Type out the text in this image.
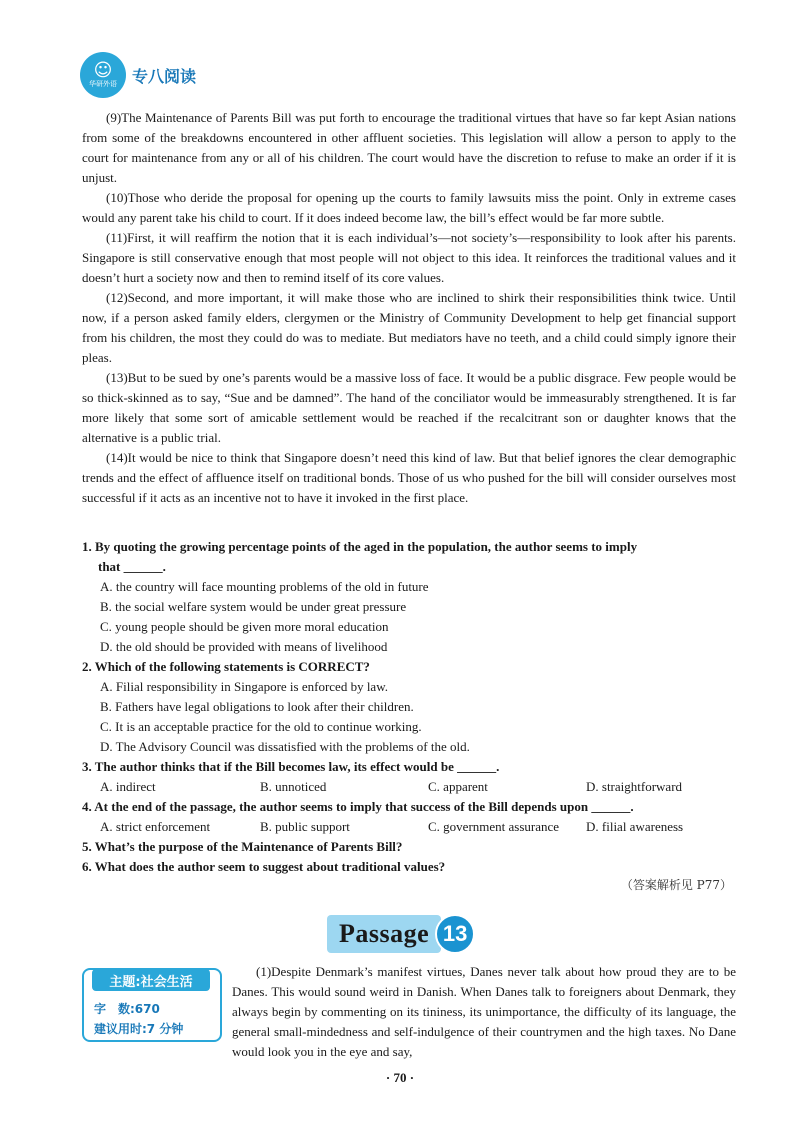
☺
华研外语 专八阅读

(9)The Maintenance of Parents Bill was put forth to encourage the traditional virtues that have so far kept Asian nations from some of the breakdowns encountered in other affluent societies. This legislation will allow a person to apply to the court for maintenance from any or all of his children. The court would have the discretion to refuse to make an order if it is unjust.

(10)Those who deride the proposal for opening up the courts to family lawsuits miss the point. Only in extreme cases would any parent take his child to court. If it does indeed become law, the bill’s effect would be far more subtle.

(11)First, it will reaffirm the notion that it is each individual’s—not society’s—responsibility to look after his parents. Singapore is still conservative enough that most people will not object to this idea. It reinforces the traditional values and it doesn’t hurt a society now and then to remind itself of its core values.

(12)Second, and more important, it will make those who are inclined to shirk their responsibilities think twice. Until now, if a person asked family elders, clergymen or the Ministry of Community Development to help get financial support from his children, the most they could do was to mediate. But mediators have no teeth, and a child could simply ignore their pleas.

(13)But to be sued by one’s parents would be a massive loss of face. It would be a public disgrace. Few people would be so thick-skinned as to say, “Sue and be damned”. The hand of the conciliator would be immeasurably strengthened. It is far more likely that some sort of amicable settlement would be reached if the recalcitrant son or daughter knows that the alternative is a public trial.

(14)It would be nice to think that Singapore doesn’t need this kind of law. But that belief ignores the clear demographic trends and the effect of affluence itself on traditional bonds. Those of us who pushed for the bill will consider ourselves most successful if it acts as an incentive not to have it invoked in the first place.

1. By quoting the growing percentage points of the aged in the population, the author seems to imply
that ______.

A. the country will face mounting problems of the old in future

B. the social welfare system would be under great pressure

C. young people should be given more moral education

D. the old should be provided with means of livelihood

2. Which of the following statements is CORRECT?

A. Filial responsibility in Singapore is enforced by law.

B. Fathers have legal obligations to look after their children.

C. It is an acceptable practice for the old to continue working.

D. The Advisory Council was dissatisfied with the problems of the old.

3. The author thinks that if the Bill becomes law, its effect would be ______.

A. indirect	B. unnoticed	C. apparent	D. straightforward

4. At the end of the passage, the author seems to imply that success of the Bill depends upon ______.

A. strict enforcement	B. public support	C. government assurance	D. filial awareness

5. What’s the purpose of the Maintenance of Parents Bill?

6. What does the author seem to suggest about traditional values?

（答案解析见 P77）
Passage 13
主题:社会生活
字　数:670
建议用时:7 分钟

(1)Despite Denmark’s manifest virtues, Danes never talk about how proud they are to be Danes. This would sound weird in Danish. When Danes talk to foreigners about Denmark, they always begin by commenting on its tininess, its unimportance, the difficulty of its language, the general small-mindedness and self-indulgence of their countrymen and the high taxes. No Dane would look you in the eye and say,

· 70 ·
